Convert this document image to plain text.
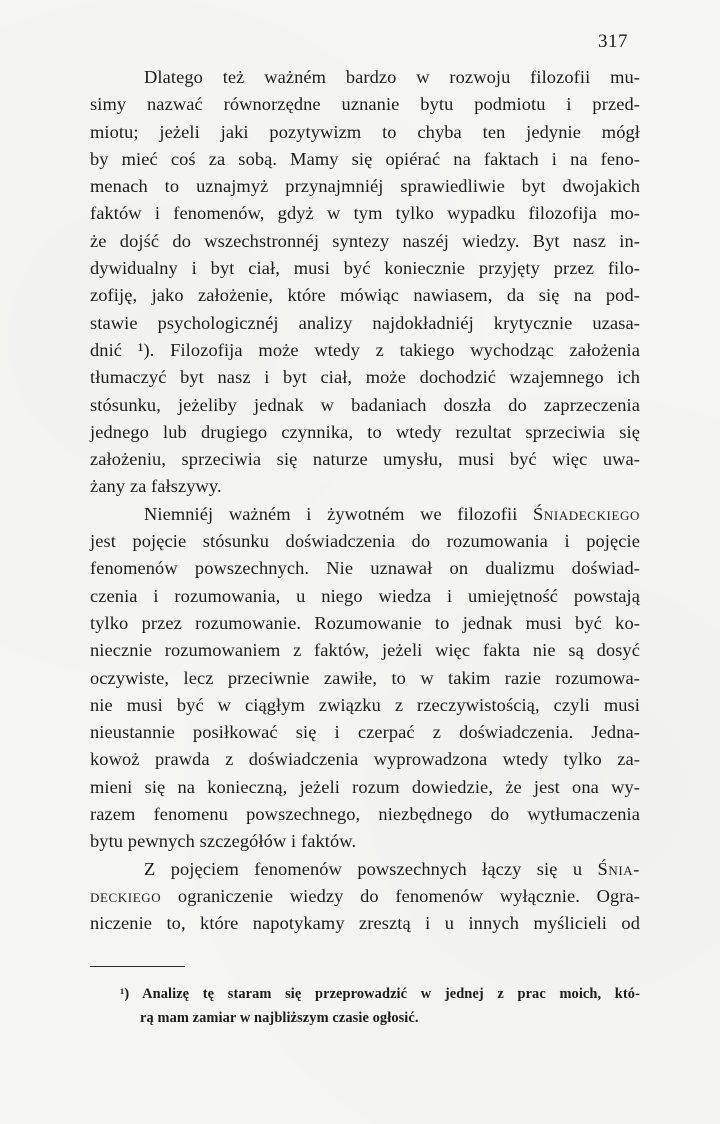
317
Dlatego też ważném bardzo w rozwoju filozofii mu-
simy nazwać równorzędne uznanie bytu podmiotu i przed-
miotu; jeżeli jaki pozytywizm to chyba ten jedynie mógł
by mieć coś za sobą. Mamy się opiérać na faktach i na feno-
menach to uznajmyż przynajmniéj sprawiedliwie byt dwojakich
faktów i fenomenów, gdyż w tym tylko wypadku filozofija mo-
że dojść do wszechstronnéj syntezy naszéj wiedzy. Byt nasz in-
dywidualny i byt ciał, musi być koniecznie przyjęty przez filo-
zofiję, jako założenie, które mówiąc nawiasem, da się na pod-
stawie psychologicznéj analizy najdokładniéj krytycznie uzasa-
dnić ¹). Filozofija może wtedy z takiego wychodząc założenia
tłumaczyć byt nasz i byt ciał, może dochodzić wzajemnego ich
stósunku, jeżeliby jednak w badaniach doszła do zaprzeczenia
jednego lub drugiego czynnika, to wtedy rezultat sprzeciwia się
założeniu, sprzeciwia się naturze umysłu, musi być więc uwa-
żany za fałszywy.
Niemniéj ważném i żywotném we filozofii Śniadeckiego
jest pojęcie stósunku doświadczenia do rozumowania i pojęcie
fenomenów powszechnych. Nie uznawał on dualizmu doświad-
czenia i rozumowania, u niego wiedza i umiejętność powstają
tylko przez rozumowanie. Rozumowanie to jednak musi być ko-
niecznie rozumowaniem z faktów, jeżeli więc fakta nie są dosyć
oczywiste, lecz przeciwnie zawiłe, to w takim razie rozumowa-
nie musi być w ciągłym związku z rzeczywistością, czyli musi
nieustannie posiłkować się i czerpać z doświadczenia. Jedna-
kowoż prawda z doświadczenia wyprowadzona wtedy tylko za-
mieni się na konieczną, jeżeli rozum dowiedzie, że jest ona wy-
razem fenomenu powszechnego, niezbędnego do wytłumaczenia
bytu pewnych szczegółów i faktów.
Z pojęciem fenomenów powszechnych łączy się u Śnia-
deckiego ograniczenie wiedzy do fenomenów wyłącznie. Ogra-
niczenie to, które napotykamy zresztą i u innych myślicieli od
¹) Analizę tę staram się przeprowadzić w jednej z prac moich, któ-
rą mam zamiar w najbliższym czasie ogłosić.
